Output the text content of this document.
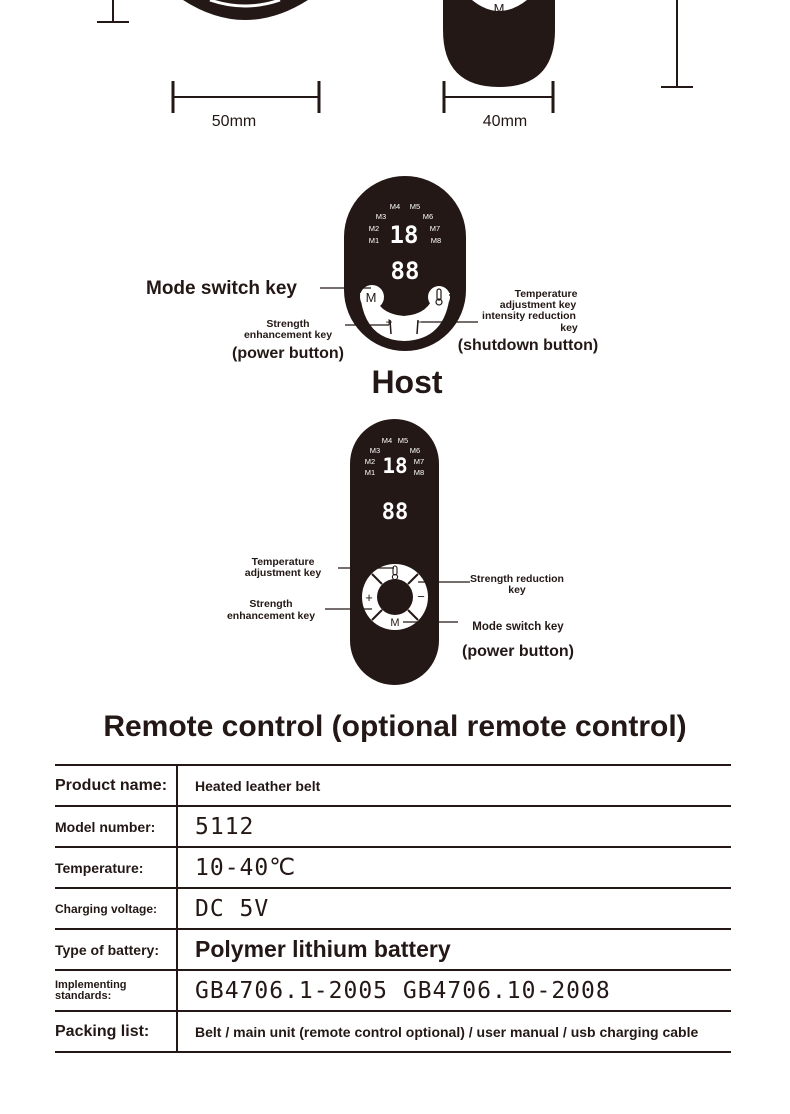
M
50mm	40mm
M4 M5
M3	M6
M2	M7
M1	M8
18
88
M
+ −
Mode switch key
Strength
enhancement key
(power button)
Temperature
adjustment key
intensity reduction
key
(shutdown button)
Host
M4 M5
M3	M6
M2	M7
M1	M8
18
88
+	−
M
Temperature
adjustment key
Strength
enhancement key
Strength reduction
key
Mode switch key
(power button)
Remote control (optional remote control)
Product name:	Heated leather belt
Model number:	5112
Temperature:	10-40℃
Charging voltage:	DC 5V
Type of battery:	Polymer lithium battery
Implementing standards:	GB4706.1-2005 GB4706.10-2008
Packing list:	Belt / main unit (remote control optional) / user manual / usb charging cable
